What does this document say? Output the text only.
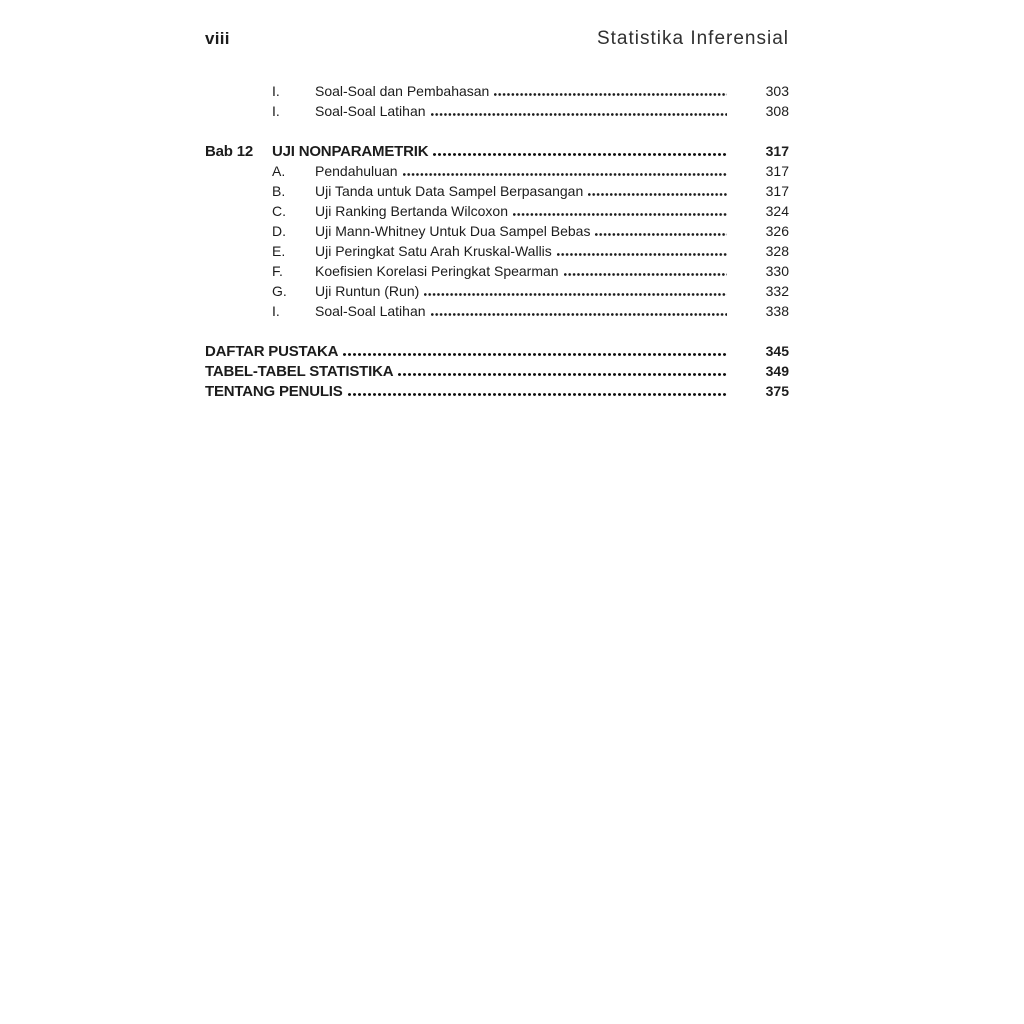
viii	Statistika Inferensial
I.	Soal-Soal dan Pembahasan	303
I.	Soal-Soal Latihan	308
Bab 12	UJI NONPARAMETRIK	317
A.	Pendahuluan	317
B.	Uji Tanda untuk Data Sampel Berpasangan	317
C.	Uji Ranking Bertanda Wilcoxon	324
D.	Uji Mann-Whitney Untuk Dua Sampel Bebas	326
E.	Uji Peringkat Satu Arah Kruskal-Wallis	328
F.	Koefisien Korelasi Peringkat Spearman	330
G.	Uji Runtun (Run)	332
I.	Soal-Soal Latihan	338
DAFTAR PUSTAKA	345
TABEL-TABEL STATISTIKA	349
TENTANG PENULIS	375
